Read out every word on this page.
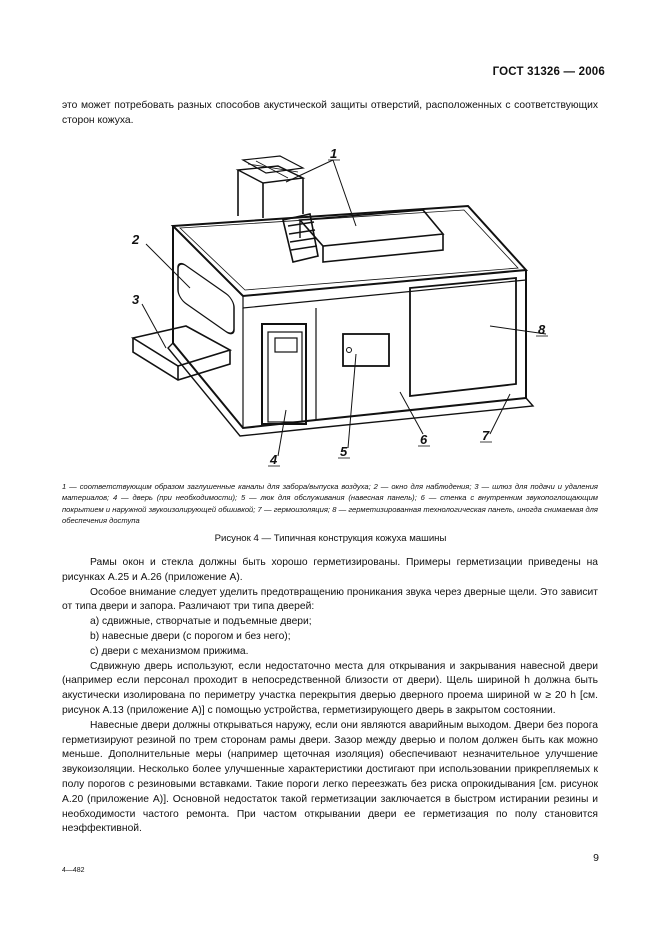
ГОСТ 31326 — 2006

это может потребовать разных способов акустической защиты отверстий, расположенных с соответствующих сторон кожуха.

1
2
3
4
5
6	7
8
1 — соответствующим образом заглушенные каналы для забора/выпуска воздуха; 2 — окно для наблюдения; 3 — шлюз для подачи и удаления материалов; 4 — дверь (при необходимости); 5 — люк для обслуживания (навесная панель); 6 — стенка с внутренним звукопоглощающим покрытием и наружной звукоизолирующей обшивкой; 7 — гермоизоляция; 8 — герметизированная технологическая панель, иногда снимаемая для обеспечения доступа
Рисунок 4 — Типичная конструкция кожуха машины

Рамы окон и стекла должны быть хорошо герметизированы. Примеры герметизации приведены на рисунках А.25 и А.26 (приложение А).

Особое внимание следует уделить предотвращению проникания звука через дверные щели. Это зависит от типа двери и запора. Различают три типа дверей:

a) сдвижные, створчатые и подъемные двери;

b) навесные двери (с порогом и без него);

c) двери с механизмом прижима.

Сдвижную дверь используют, если недостаточно места для открывания и закрывания навесной двери (например если персонал проходит в непосредственной близости от двери). Щель шириной h должна быть акустически изолирована по периметру участка перекрытия дверью дверного проема шириной w ≥ 20 h [см. рисунок А.13 (приложение А)] с помощью устройства, герметизирующего дверь в закрытом состоянии.

Навесные двери должны открываться наружу, если они являются аварийным выходом. Двери без порога герметизируют резиной по трем сторонам рамы двери. Зазор между дверью и полом должен быть как можно меньше. Дополнительные меры (например щеточная изоляция) обеспечивают незначительное улучшение звукоизоляции. Несколько более улучшенные характеристики достигают при использовании прикрепляемых к полу порогов с резиновыми вставками. Такие пороги легко переезжать без риска опрокидывания [см. рисунок А.20 (приложение А)]. Основной недостаток такой герметизации заключается в быстром истирании резины и необходимости частого ремонта. При частом открывании двери ее герметизация по полу становится неэффективной.

4—482
9
